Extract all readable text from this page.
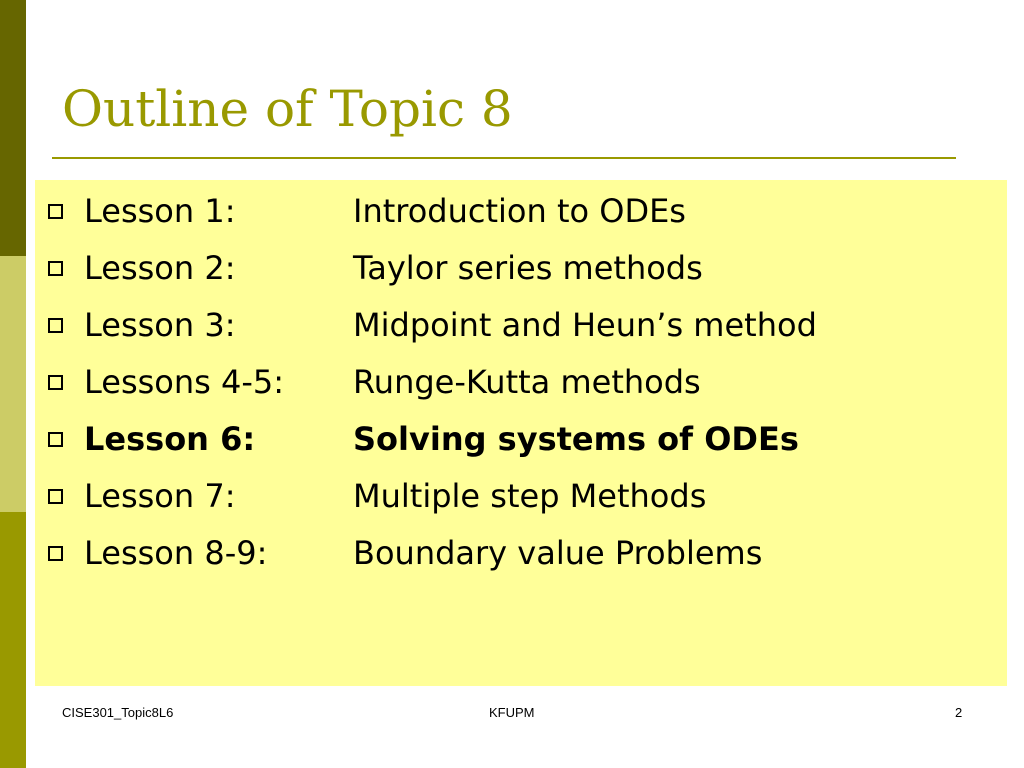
Outline of Topic 8
Lesson 1:	Introduction to ODEs
Lesson 2:	Taylor series methods
Lesson 3:	Midpoint and Heun’s method
Lessons 4-5: Runge-Kutta methods
Lesson 6:	Solving systems of ODEs
Lesson 7:	Multiple step Methods
Lesson 8-9:	Boundary value Problems
CISE301_Topic8L6	KFUPM	2
